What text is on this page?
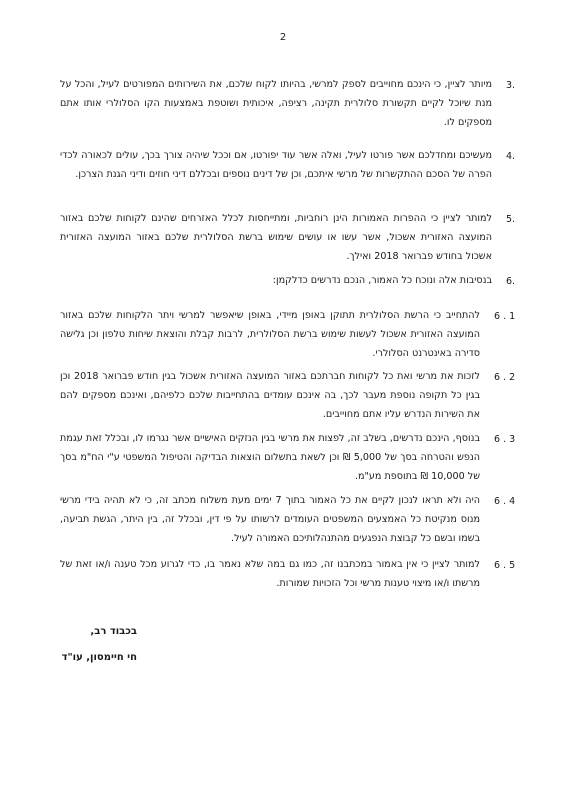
2
3.
מיותר לציין, כי הינכם מחוייבים לספק למרשי, בהיותו לקוח שלכם, את השירותים המפורטים לעיל, והכל על מנת שיוכל לקיים תקשורת סלולרית תקינה, רציפה, איכותית ושוטפת באמצעות הקו הסלולרי אותו אתם מספקים לו.
4.
מעשיכם ומחדלכם אשר פורטו לעיל, ואלה אשר עוד יפורטו, אם וככל שיהיה צורך בכך, עולים לכאורה לכדי הפרה של הסכם ההתקשרות של מרשי איתכם, וכן של דינים נוספים ובכללם דיני חוזים ודיני הגנת הצרכן.
5.
למותר לציין כי ההפרות האמורות הינן רוחביות, ומתייחסות לכלל האזרחים שהינם לקוחות שלכם באזור המועצה האזורית אשכול, אשר עשו או עושים שימוש ברשת הסלולרית שלכם באזור המועצה האזורית אשכול בחודש פברואר 2018 ואילך.
6.
בנסיבות אלה ונוכח כל האמור, הנכם נדרשים כדלקמן:
6 . 1
להתחייב כי הרשת הסלולרית תתוקן באופן מיידי, באופן שיאפשר למרשי ויתר הלקוחות שלכם באזור המועצה האזורית אשכול לעשות שימוש ברשת הסלולרית, לרבות קבלת והוצאת שיחות טלפון וכן גלישה סדירה באינטרנט הסלולרי.
6 . 2
לזכות את מרשי ואת כל לקוחות חברתכם באזור המועצה האזורית אשכול בגין חודש פברואר 2018 וכן בגין כל תקופה נוספת מעבר לכך, בה אינכם עומדים בהתחייבות שלכם כלפיהם, ואינכם מספקים להם את השירות הנדרש עליו אתם מחוייבים.
6 . 3
בנוסף, הינכם נדרשים, בשלב זה, לפצות את מרשי בגין הנזקים האישיים אשר נגרמו לו, ובכלל זאת עגמת הנפש והטרחה בסך של 5,000 ₪ וכן לשאת בתשלום הוצאות הבדיקה והטיפול המשפטי ע"י הח"מ בסך של 10,000 ₪ בתוספת מע"מ.
6 . 4
היה ולא תראו לנכון לקיים את כל האמור בתוך 7 ימים מעת משלוח מכתב זה, כי לא תהיה בידי מרשי מנוס מנקיטת כל האמצעים המשפטים העומדים לרשותו על פי דין, ובכלל זה, בין היתר, הגשת תביעה, בשמו ובשם כל קבוצת הנפגעים מהתנהלותיכם האמורה לעיל.
6 . 5
למותר לציין כי אין באמור במכתבנו זה, כמו גם במה שלא נאמר בו, כדי לגרוע מכל טענה ו/או זאת של מרשתו ו/או מיצוי טענות מרשי וכל הזכויות שמורות.
בכבוד רב,
חי חיימסון, עו"ד
